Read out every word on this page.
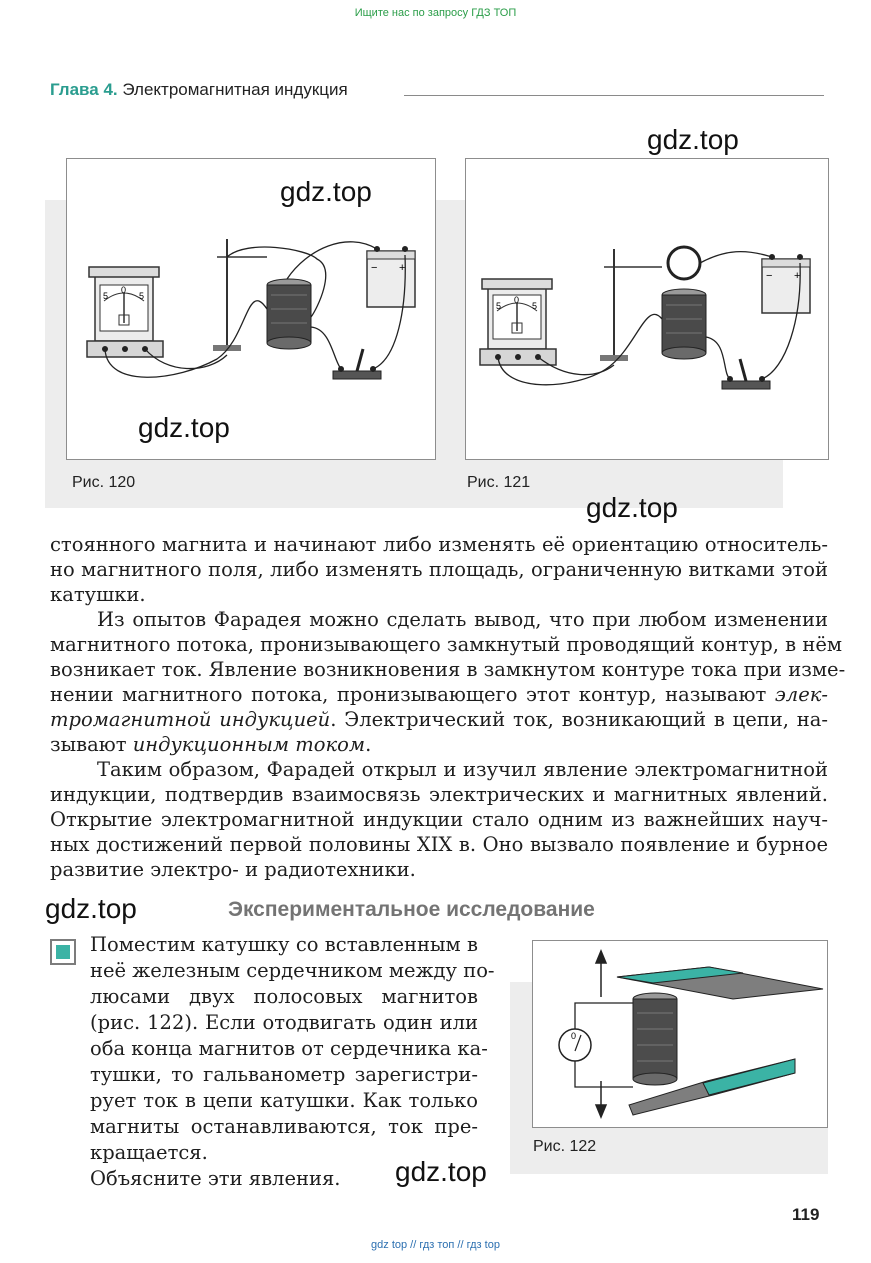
Ищите нас по запросу ГДЗ ТОП
Глава 4. Электромагнитная индукция
5
0
5
− +
Рис. 120
5
0
5
− +
Рис. 121
gdz.top
gdz.top
gdz.top
gdz.top
стоянного магнита и начинают либо изменять её ориентацию относитель-
но магнитного поля, либо изменять площадь, ограниченную витками этой
катушки.
Из опытов Фарадея можно сделать вывод, что при любом изменении
магнитного потока, пронизывающего замкнутый проводящий контур, в нём
возникает ток. Явление возникновения в замкнутом контуре тока при изме-
нении магнитного потока, пронизывающего этот контур, называют элек-
тромагнитной индукцией. Электрический ток, возникающий в цепи, на-
зывают индукционным током.
Таким образом, Фарадей открыл и изучил явление электромагнитной
индукции, подтвердив взаимосвязь электрических и магнитных явлений.
Открытие электромагнитной индукции стало одним из важнейших науч-
ных достижений первой половины XIX в. Оно вызвало появление и бурное
развитие электро- и радиотехники.
gdz.top	Экспериментальное исследование
Поместим катушку со вставленным в
неё железным сердечником между по-
люсами двух полосовых магнитов
(рис. 122). Если отодвигать один или
оба конца магнитов от сердечника ка-
тушки, то гальванометр зарегистри-
рует ток в цепи катушки. Как только
магниты останавливаются, ток пре-
кращается.
Объясните эти явления.
0
Рис. 122
gdz.top
119
gdz top // гдз топ // гдз top
